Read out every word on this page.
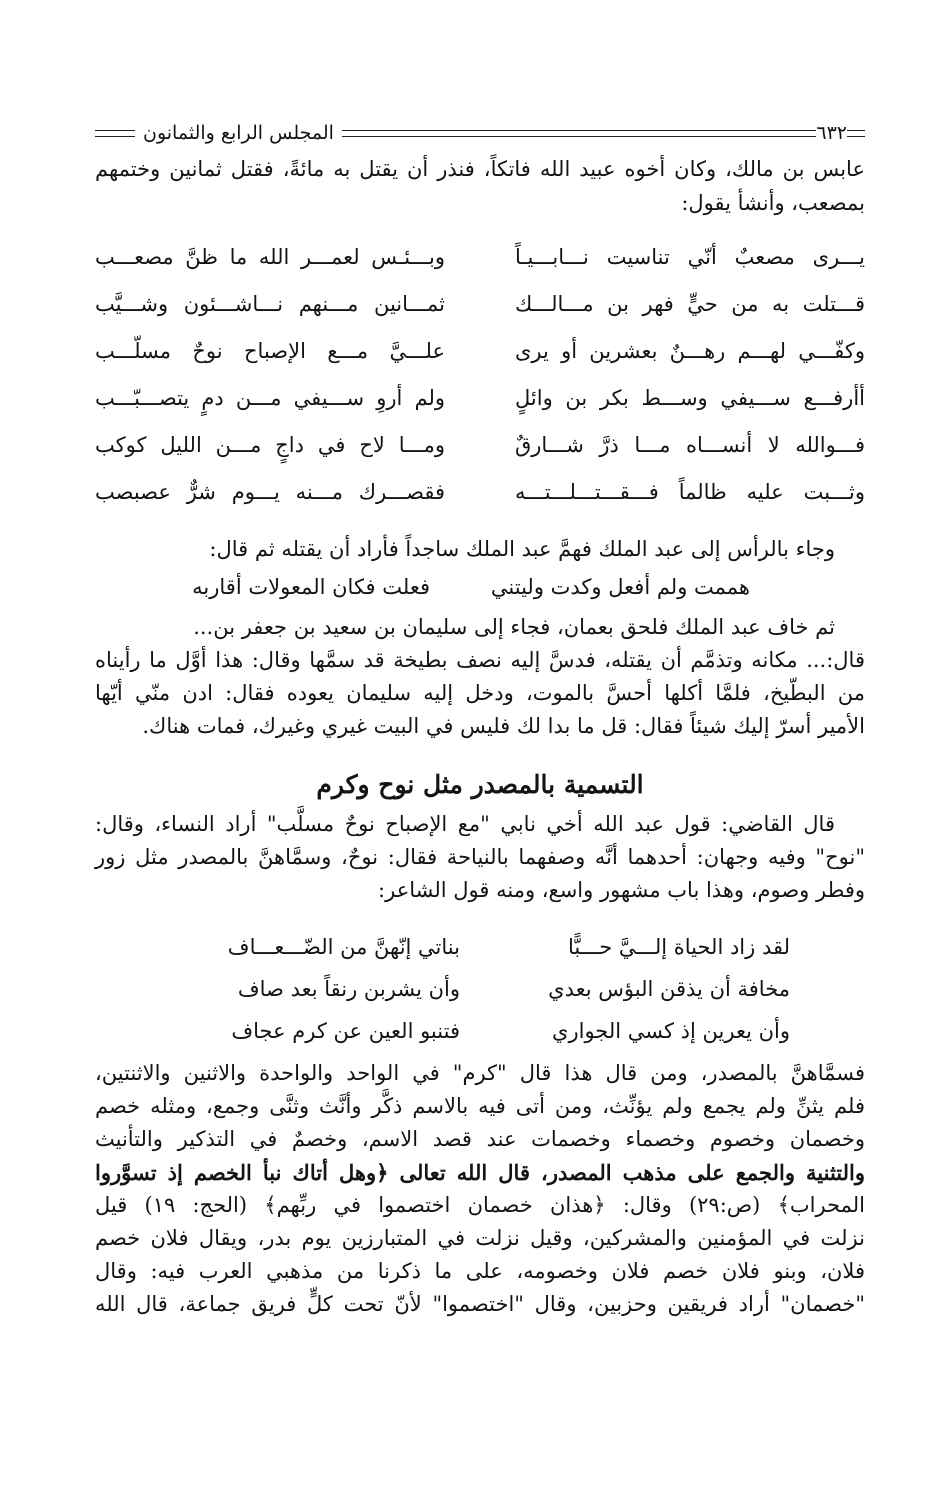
٦٣٢
المجلس الرابع والثمانون
عابس بن مالك، وكان أخوه عبيد الله فاتكاً، فنذر أن يقتل به مائةً، فقتل ثمانين وختمهم
بمصعب، وأنشأ يقول:
يـــرى مصعبٌ أنّي تناسيت نـــابـــيـاً
وبـــئـس لعمـــر الله ما ظنَّ مصعـــب
قـــتلت به من حيٍّ فهر بن مـــالـــك
ثمـــانين مـــنهم نـــاشـــئون وشـــيَّب
وكفّـــي لهـــم رهـــنٌ بعشرين أو يرى
علـــيَّ مـــع الإصباح نوحٌ مسلّـــب
أأرفـــع ســـيفي وســـط بكر بن وائلٍ
ولم أروِ ســـيفي مـــن دمٍ يتصـــبّـــب
فـــوالله لا أنســـاه مـــا ذرَّ شـــارقٌ
ومـــا لاح في داجٍ مـــن الليل كوكب
وثـــبت عليه ظالماً فـــقـــتـــلـــتـــه
فقصـــرك مـــنه يـــوم شرٌّ عصبصب
وجاء بالرأس إلى عبد الملك فهمَّ عبد الملك ساجداً فأراد أن يقتله ثم قال:
هممت ولم أفعل وكدت وليتني
فعلت فكان المعولات أقاربه

ثم خاف عبد الملك فلحق بعمان، فجاء إلى سليمان بن سعيد بن جعفر بن...

قال:... مكانه وتذمَّم أن يقتله، فدسَّ إليه نصف بطيخة قد سمَّها وقال: هذا أوَّل ما رأيناه

من البطّيخ، فلمَّا أكلها أحسَّ بالموت، ودخل إليه سليمان يعوده فقال: ادن منّي أيّها

الأمير أسرّ إليك شيئاً فقال: قل ما بدا لك فليس في البيت غيري وغيرك، فمات هناك.

التسمية بالمصدر مثل نوح وكرم

قال القاضي: قول عبد الله أخي نابي "مع الإصباح نوحٌ مسلَّب" أراد النساء، وقال:

"نوح" وفيه وجهان: أحدهما أنَّه وصفهما بالنياحة فقال: نوحٌ، وسمَّاهنَّ بالمصدر مثل زور

وفطر وصوم، وهذا باب مشهور واسع، ومنه قول الشاعر:

لقد زاد الحياة إلـــيَّ حـــبًّا
بناتي إنّهنَّ من الضّـــعـــاف
مخافة أن يذقن البؤس بعدي
وأن يشربن رنقاً بعد صاف
وأن يعرين إذ كسي الجواري
فتنبو العين عن كرم عجاف

فسمَّاهنَّ بالمصدر، ومن قال هذا قال "كرم" في الواحد والواحدة والاثنين والاثنتين،

فلم يثنِّ ولم يجمع ولم يؤنِّث، ومن أتى فيه بالاسم ذكَّر وأنَّث وثنَّى وجمع، ومثله خصم

وخصمان وخصوم وخصماء وخصمات عند قصد الاسم، وخصمٌ في التذكير والتأنيث

والتثنية والجمع على مذهب المصدر، قال الله تعالى ﴿وهل أتاك نبأ الخصم إذ تسوَّروا

المحراب﴾ (ص:٢٩) وقال: ﴿هذان خصمان اختصموا في ربِّهم﴾ (الحج: ١٩) قيل

نزلت في المؤمنين والمشركين، وقيل نزلت في المتبارزين يوم بدر، ويقال فلان خصم

فلان، وبنو فلان خصم فلان وخصومه، على ما ذكرنا من مذهبي العرب فيه: وقال

"خصمان" أراد فريقين وحزبين، وقال "اختصموا" لأنّ تحت كلٍّ فريق جماعة، قال الله
